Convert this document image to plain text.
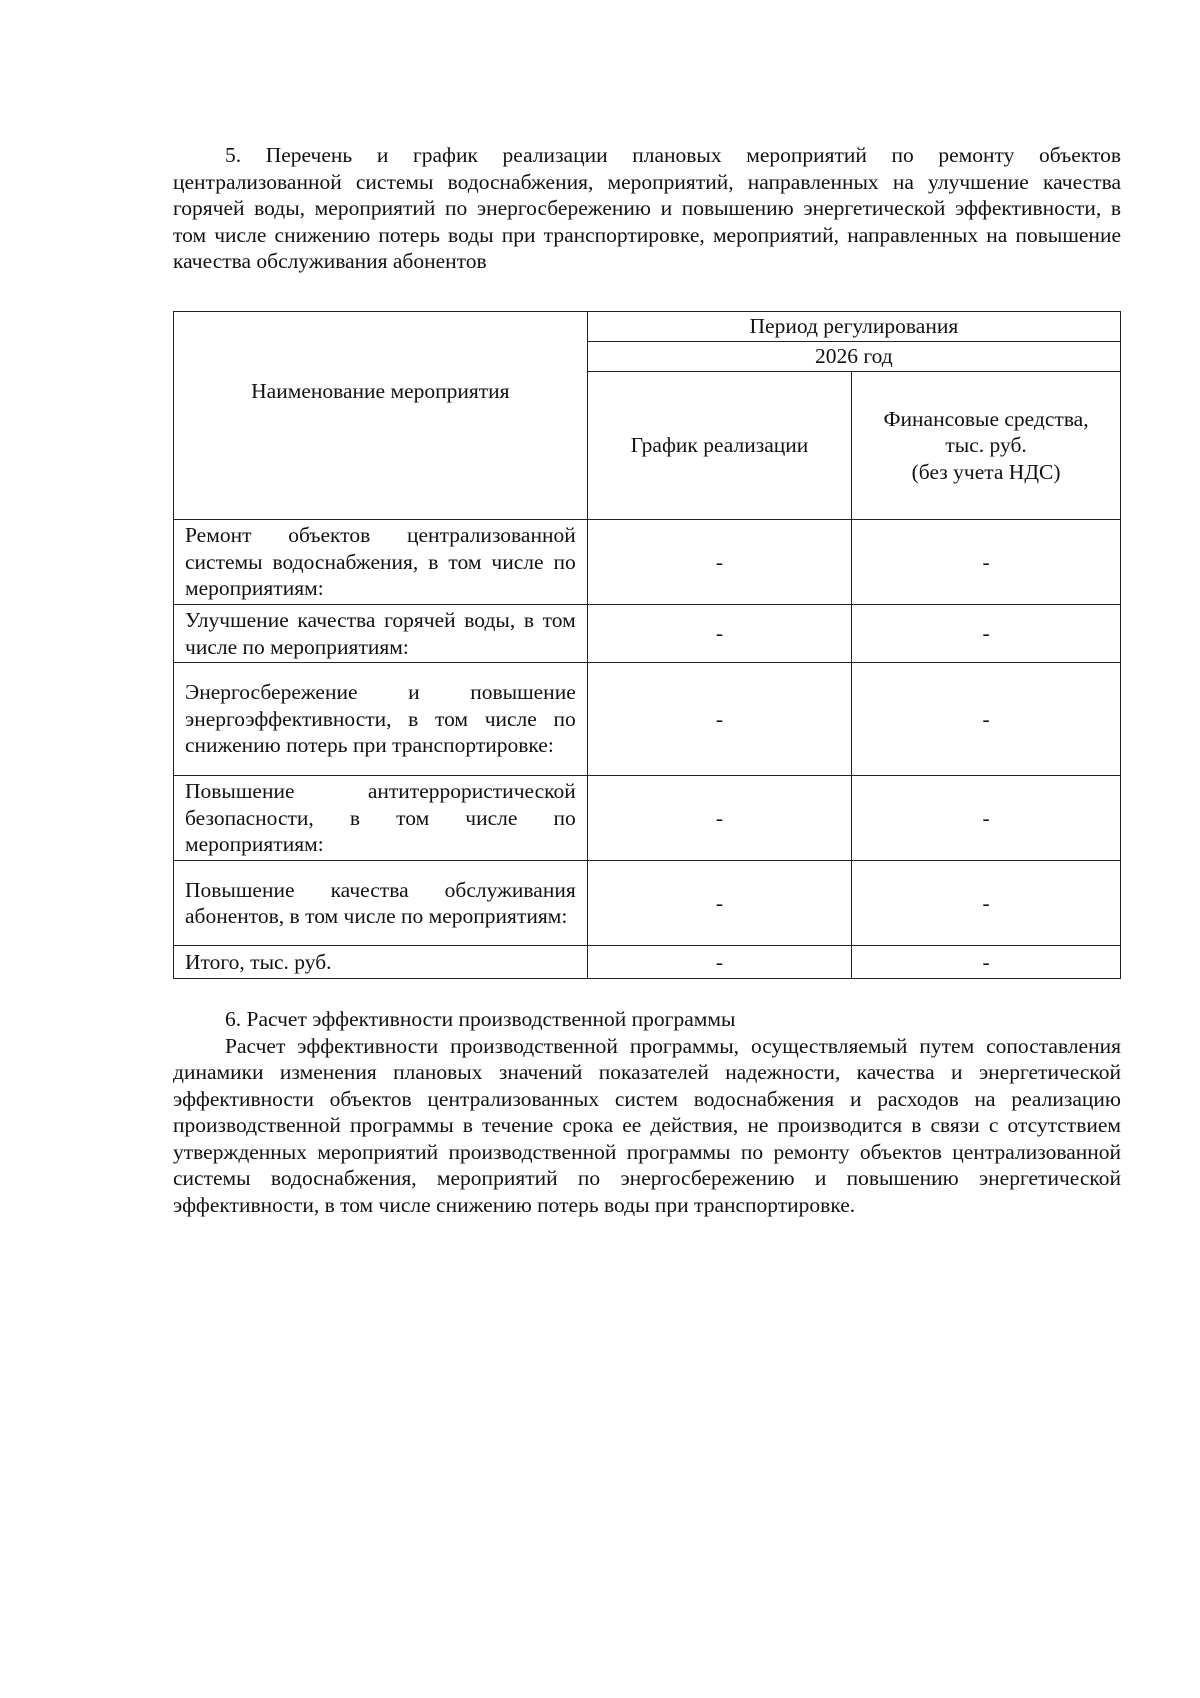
5. Перечень и график реализации плановых мероприятий по ремонту объектов централизованной системы водоснабжения, мероприятий, направленных на улучшение качества горячей воды, мероприятий по энергосбережению и повышению энергетической эффективности, в том числе снижению потерь воды при транспортировке, мероприятий, направленных на повышение качества обслуживания абонентов

Наименование мероприятия	Период регулирования	
	2026 год	
	График реализации	Финансовые средства,
тыс. руб.
(без учета НДС)

Ремонт объектов централизованной системы водоснабжения, в том числе по мероприятиям:	-	-
Улучшение качества горячей воды, в том числе по мероприятиям:	-	-
Энергосбережение и повышение энергоэффективности, в том числе по снижению потерь при транспортировке:	-	-
Повышение антитеррористической безопасности, в том числе по мероприятиям:	-	-
Повышение качества обслуживания абонентов, в том числе по мероприятиям:	-	-
Итого, тыс. руб.	-	-

6. Расчет эффективности производственной программы

Расчет эффективности производственной программы, осуществляемый путем сопоставления динамики изменения плановых значений показателей надежности, качества и энергетической эффективности объектов централизованных систем водоснабжения и расходов на реализацию производственной программы в течение срока ее действия, не производится в связи с отсутствием утвержденных мероприятий производственной программы по ремонту объектов централизованной системы водоснабжения, мероприятий по энергосбережению и повышению энергетической эффективности, в том числе снижению потерь воды при транспортировке.
